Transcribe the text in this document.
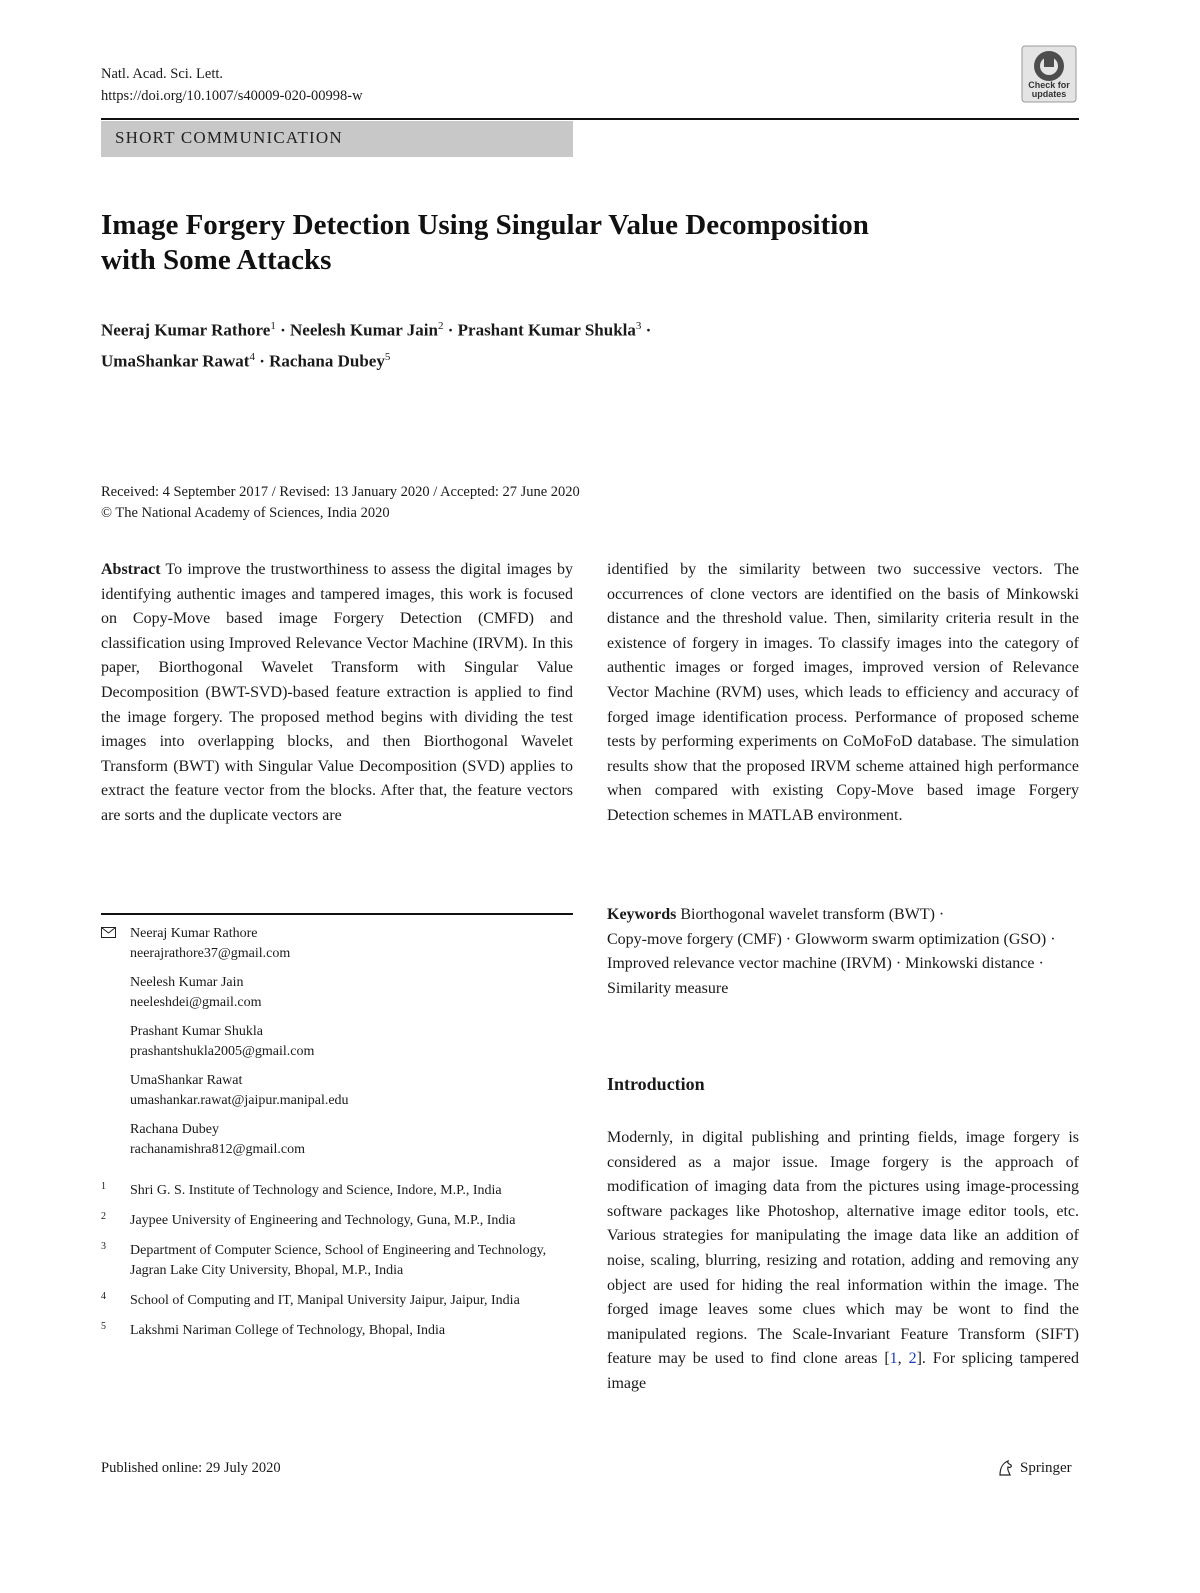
Natl. Acad. Sci. Lett.
https://doi.org/10.1007/s40009-020-00998-w
Check for updates
SHORT COMMUNICATION
Image Forgery Detection Using Singular Value Decomposition
with Some Attacks
Neeraj Kumar Rathore$^1$ · Neelesh Kumar Jain$^2$ · Prashant Kumar Shukla$^3$ ·
UmaShankar Rawat$^4$ · Rachana Dubey$^5$
Received: 4 September 2017 / Revised: 13 January 2020 / Accepted: 27 June 2020
© The National Academy of Sciences, India 2020
Abstract To improve the trustworthiness to assess the digital images by identifying authentic images and tampered images, this work is focused on Copy-Move based image Forgery Detection (CMFD) and classification using Improved Relevance Vector Machine (IRVM). In this paper, Biorthogonal Wavelet Transform with Singular Value Decomposition (BWT-SVD)-based feature extraction is applied to find the image forgery. The proposed method begins with dividing the test images into overlapping blocks, and then Biorthogonal Wavelet Transform (BWT) with Singular Value Decomposition (SVD) applies to extract the feature vector from the blocks. After that, the feature vectors are sorts and the duplicate vectors are
identified by the similarity between two successive vectors. The occurrences of clone vectors are identified on the basis of Minkowski distance and the threshold value. Then, similarity criteria result in the existence of forgery in images. To classify images into the category of authentic images or forged images, improved version of Relevance Vector Machine (RVM) uses, which leads to efficiency and accuracy of forged image identification process. Performance of proposed scheme tests by performing experiments on CoMoFoD database. The simulation results show that the proposed IRVM scheme attained high performance when compared with existing Copy-Move based image Forgery Detection schemes in MATLAB environment.
Keywords Biorthogonal wavelet transform (BWT) ·
Copy-move forgery (CMF) · Glowworm swarm optimization (GSO) · Improved relevance vector machine (IRVM) · Minkowski distance ·
Similarity measure
Introduction
Modernly, in digital publishing and printing fields, image forgery is considered as a major issue. Image forgery is the approach of modification of imaging data from the pictures using image-processing software packages like Photoshop, alternative image editor tools, etc. Various strategies for manipulating the image data like an addition of noise, scaling, blurring, resizing and rotation, adding and removing any object are used for hiding the real information within the image. The forged image leaves some clues which may be wont to find the manipulated regions. The Scale-Invariant Feature Transform (SIFT) feature may be used to find clone areas [1, 2]. For splicing tampered image
Neeraj Kumar Rathore
neerajrathore37@gmail.com
Neelesh Kumar Jain
neeleshdei@gmail.com
Prashant Kumar Shukla
prashantshukla2005@gmail.com
UmaShankar Rawat
umashankar.rawat@jaipur.manipal.edu
Rachana Dubey
rachanamishra812@gmail.com
1 Shri G. S. Institute of Technology and Science, Indore, M.P., India
2 Jaypee University of Engineering and Technology, Guna, M.P., India
3 Department of Computer Science, School of Engineering and Technology, Jagran Lake City University, Bhopal, M.P., India
4 School of Computing and IT, Manipal University Jaipur, Jaipur, India
5 Lakshmi Nariman College of Technology, Bhopal, India
Published online: 29 July 2020	Springer
